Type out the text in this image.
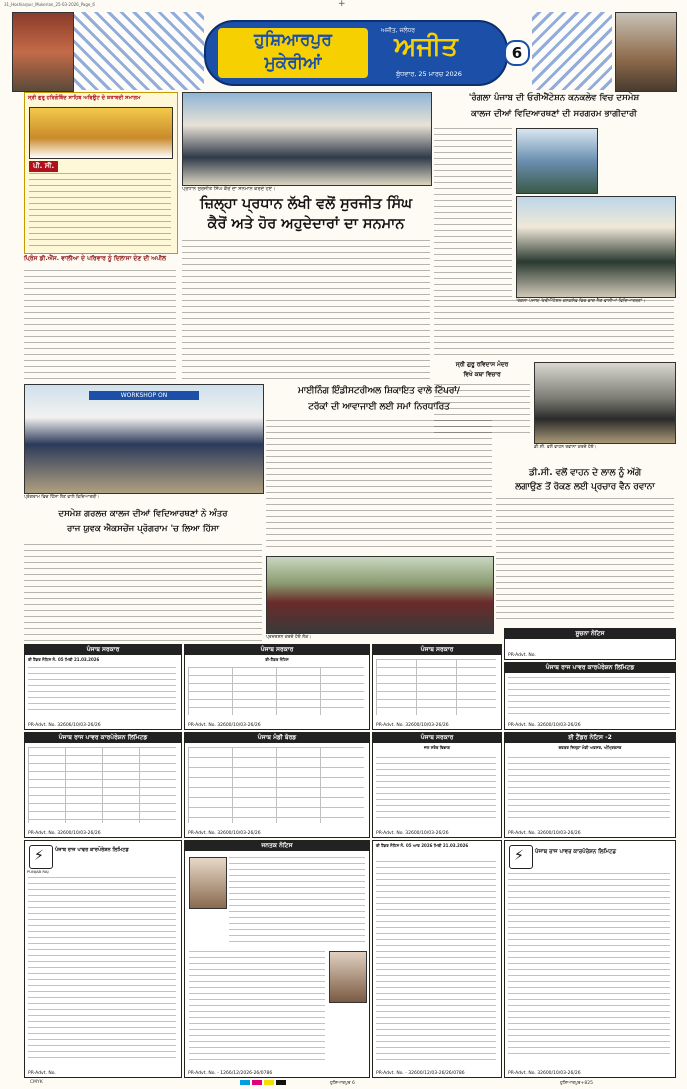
31_Hoshiarpur_Mukerian_25-03-2026_Page_6	+
ਹੁਸ਼ਿਆਰਪੁਰ
ਮੁਕੇਰੀਆਂ
ਅਜੀਤ, ਜਲੰਧਰ
ਅਜੀਤ
ਬੁੱਧਵਾਰ, 25 ਮਾਰਚ 2026
6
ਸ੍ਰੀ ਗੁਰੂ ਹਰਿਗੋਬਿੰਦ ਸਾਹਿਬ ਅਵਿਊਟ ਦੇ ਸ਼ਤਾਬਦੀ ਸਮਾਗਮ
ਪੀ. ਸੀ.
ਪ੍ਰਿੰਸ ਡੀ.ਐੱਸ. ਵਾਲੀਆ ਦੇ ਪਰਿਵਾਰ ਨੂੰ ਦਿਲਾਸਾ ਦੇਣ ਦੀ ਅਪੀਲ
ਪ੍ਰਧਾਨ ਸੁਰਜੀਤ ਸਿੰਘ ਕੈਰੋਂ ਦਾ ਸਨਮਾਨ ਕਰਦੇ ਹੋਏ।
ਜ਼ਿਲ੍ਹਾ ਪ੍ਰਧਾਨ ਲੱਖੀ ਵਲੋਂ ਸੁਰਜੀਤ ਸਿੰਘ
ਕੈਰੋਂ ਅਤੇ ਹੋਰ ਅਹੁਦੇਦਾਰਾਂ ਦਾ ਸਨਮਾਨ
'ਰੰਗਲਾ ਪੰਜਾਬ ਦੀ ਓਰੀਐਂਟੇਸ਼ਨ ਕਨਕਲੇਵ ਵਿਚ ਦਸਮੇਸ਼
ਕਾਲਜ ਦੀਆਂ ਵਿਦਿਆਰਥਣਾਂ ਦੀ ਸਰਗਰਮ ਭਾਗੀਦਾਰੀ
'ਰੰਗਲਾ ਪੰਜਾਬ' ਓਰੀਐਂਟੇਸ਼ਨ ਕਨਕਲੇਵ ਵਿਚ ਭਾਗ ਲੈਣ ਵਾਲੀਆਂ ਵਿਦਿਆਰਥਣਾਂ।
WORKSHOP ON
ਪ੍ਰੋਗਰਾਮ ਵਿਚ ਹਿੱਸਾ ਲੈਣ ਵਾਲੇ ਵਿਦਿਆਰਥੀ।
ਮਾਈਨਿੰਗ ਇੰਡੀਸਟਰੀਅਲ ਸ਼ਿਕਾਇਤ ਵਾਲੇ ਟਿੱਪਰਾਂ/
ਟਰੱਕਾਂ ਦੀ ਆਵਾਜਾਈ ਲਈ ਸਮਾਂ ਨਿਰਧਾਰਿਤ
ਸ੍ਰੀ ਗੁਰੂ ਰਵਿਦਾਸ ਮੰਦਰ
ਵਿਖੇ ਕਥਾ ਵਿਚਾਰ
ਡੀ.ਸੀ. ਵਲੋਂ ਵਾਹਨ ਰਵਾਨਾ ਕਰਦੇ ਹੋਏ।
ਡੀ.ਸੀ. ਵਲੋਂ ਵਾਹਨ ਦੇ ਲਾਲ ਨੂੰ ਅੱਗੇ
ਲਗਾਉਣ ਤੋਂ ਰੋਕਣ ਲਈ ਪ੍ਰਚਾਰ ਵੈਨ ਰਵਾਨਾ
ਦਸਮੇਸ਼ ਗਰਲਜ਼ ਕਾਲਜ ਦੀਆਂ ਵਿਦਿਆਰਥਣਾਂ ਨੇ ਅੰਤਰ
ਰਾਜ ਯੁਵਕ ਐਕਸਚੇਂਜ ਪ੍ਰੋਗਰਾਮ 'ਚ ਲਿਆ ਹਿੱਸਾ
ਪ੍ਰਦਰਸ਼ਨ ਕਰਦੇ ਹੋਏ ਲੋਕ।
ਪੰਜਾਬ ਸਰਕਾਰ
ਈ ਟੈਂਡਰ ਨੋਟਿਸ ਨੰ. 05 ਮਿਤੀ 21.03.2026
PR-Advt. No. 32606/10/03-26/26
ਪੰਜਾਬ ਸਰਕਾਰ
ਈ-ਟੈਂਡਰ ਨੋਟਿਸ
PR-Advt. No. 32600/10/03-26/26
ਪੰਜਾਬ ਸਰਕਾਰ
PR-Advt. No. 32600/10/03-26/26
ਸੂਚਨਾ ਨੋਟਿਸ
PR-Advt. No.
ਪੰਜਾਬ ਰਾਜ ਪਾਵਰ ਕਾਰਪੋਰੇਸ਼ਨ ਲਿਮਿਟਡ
PR-Advt. No. 32600/10/03-26/26
ਪੰਜਾਬ ਰਾਜ ਪਾਵਰ ਕਾਰਪੋਰੇਸ਼ਨ ਲਿਮਿਟਡ
PR-Advt. No. 32600/10/03-26/26
ਪੰਜਾਬ ਮੰਡੀ ਬੋਰਡ
PR-Advt. No. 32600/10/03-26/26
ਪੰਜਾਬ ਸਰਕਾਰ
ਜਲ ਸਰੋਤ ਵਿਭਾਗ
PR-Advt. No. 32600/10/03-26/26
ਈ ਟੈਂਡਰ ਨੋਟਿਸ -2
ਦਫਤਰ ਜ਼ਿਲ੍ਹਾ ਮੰਡੀ ਅਫਸਰ, ਅੰਮ੍ਰਿਤਸਰ
PR-Advt. No. 32600/10/03-26/26
⚡
PUNJAB RAJ
ਪੰਜਾਬ ਰਾਜ ਪਾਵਰ ਕਾਰਪੋਰੇਸ਼ਨ ਲਿਮਿਟਡ
PR-Advt. No.
ਜਨਤਕ ਨੋਟਿਸ
PR-Advt. No. - 1266/12/2026-26/0786
ਈ ਟੈਂਡਰ ਨੋਟਿਸ ਨੰ. 05 ਆਫ 2026 ਮਿਤੀ 21.03.2026
PR-Advt. No. - 32600/12/03-26/26/0786
⚡ ਪੰਜਾਬ ਰਾਜ ਪਾਵਰ ਕਾਰਪੋਰੇਸ਼ਨ ਲਿਮਿਟਡ
PR-Advt. No. 32600/10/03-26/26
CMYK	ਹੁਸ਼ਿਆਰਪੁਰ 6	ਹੁਸ਼ਿਆਰਪੁਰ+825
